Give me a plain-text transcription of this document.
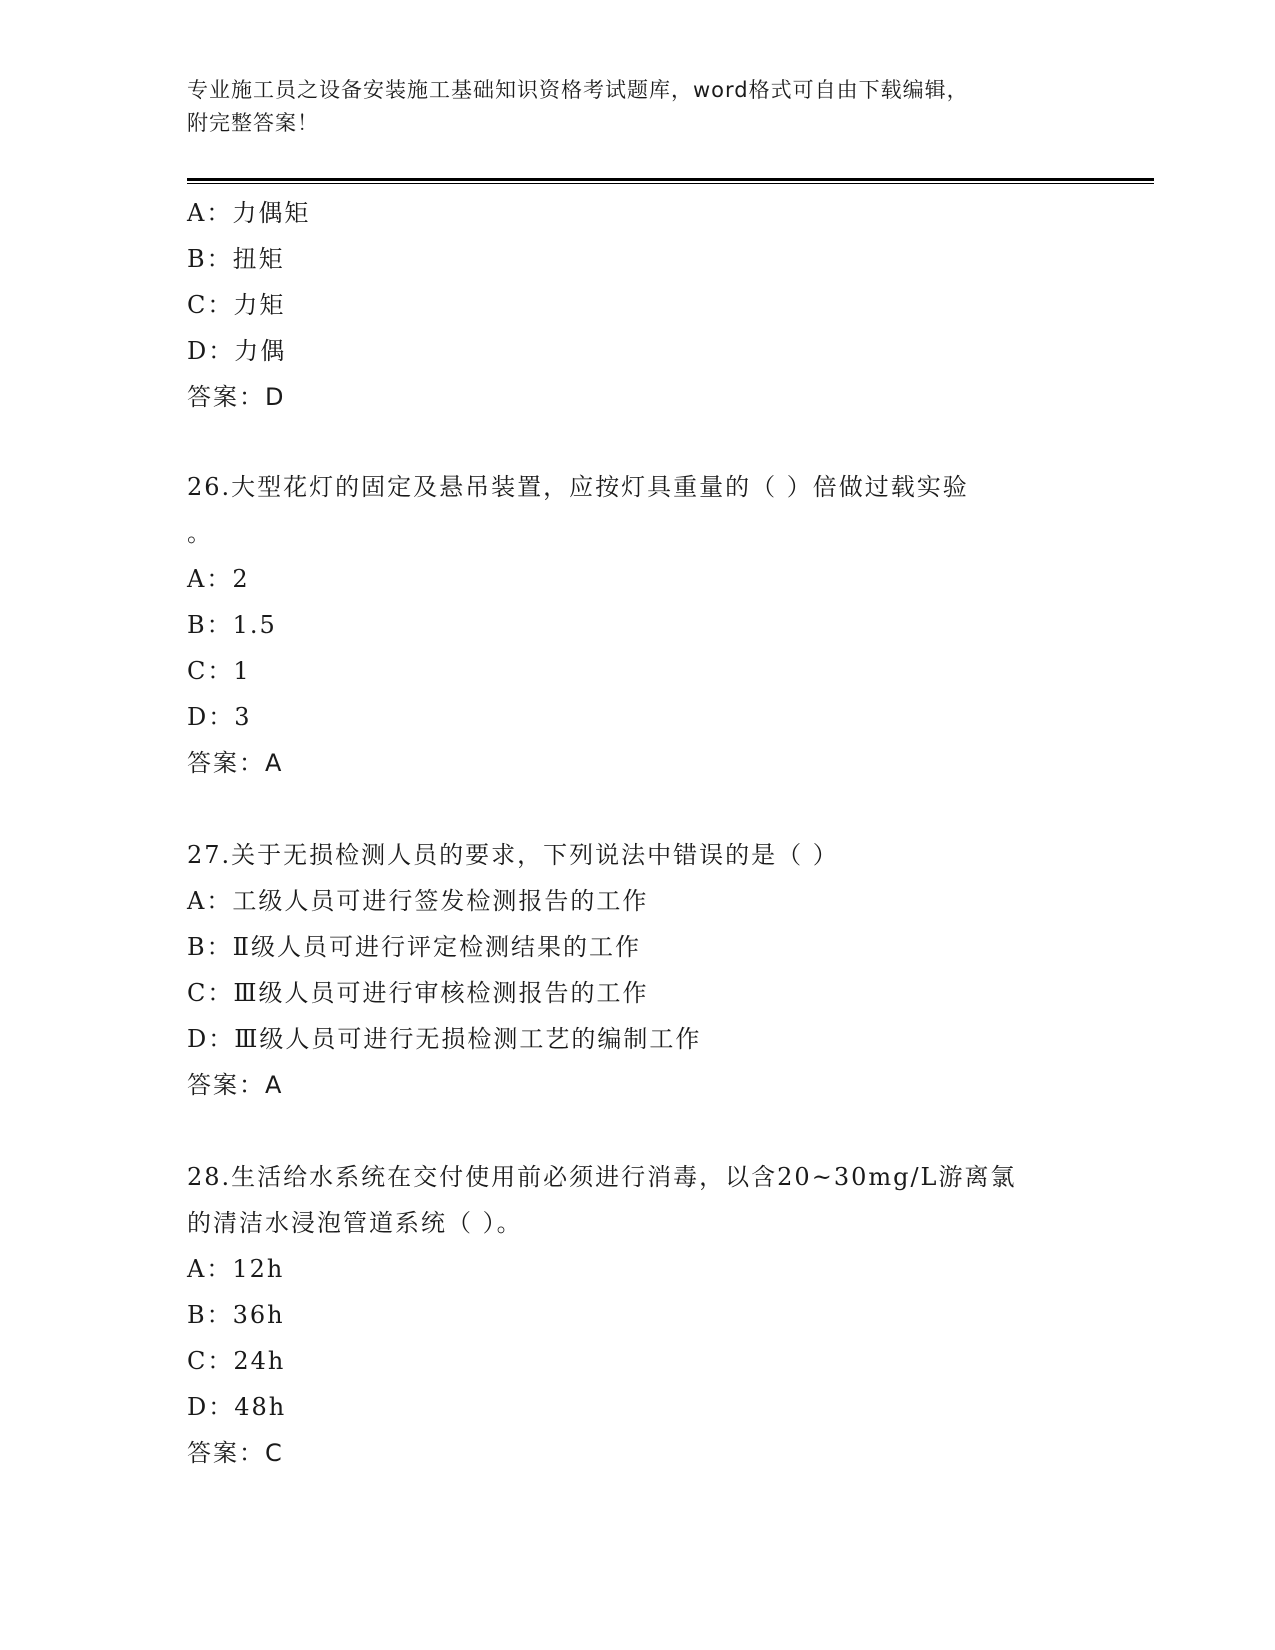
专业施工员之设备安装施工基础知识资格考试题库，word格式可自由下载编辑，
附完整答案！
A：力偶矩
B：扭矩
C：力矩
D：力偶
答案：D
26.大型花灯的固定及悬吊装置，应按灯具重量的（ ）倍做过载实验
。
A：2
B：1.5
C：1
D：3
答案：A
27.关于无损检测人员的要求，下列说法中错误的是（ ）
A：工级人员可进行签发检测报告的工作
B：Ⅱ级人员可进行评定检测结果的工作
C：Ⅲ级人员可进行审核检测报告的工作
D：Ⅲ级人员可进行无损检测工艺的编制工作
答案：A
28.生活给水系统在交付使用前必须进行消毒，以含20~30mg/L游离氯
的清洁水浸泡管道系统（ ）。
A：12h
B：36h
C：24h
D：48h
答案：C
